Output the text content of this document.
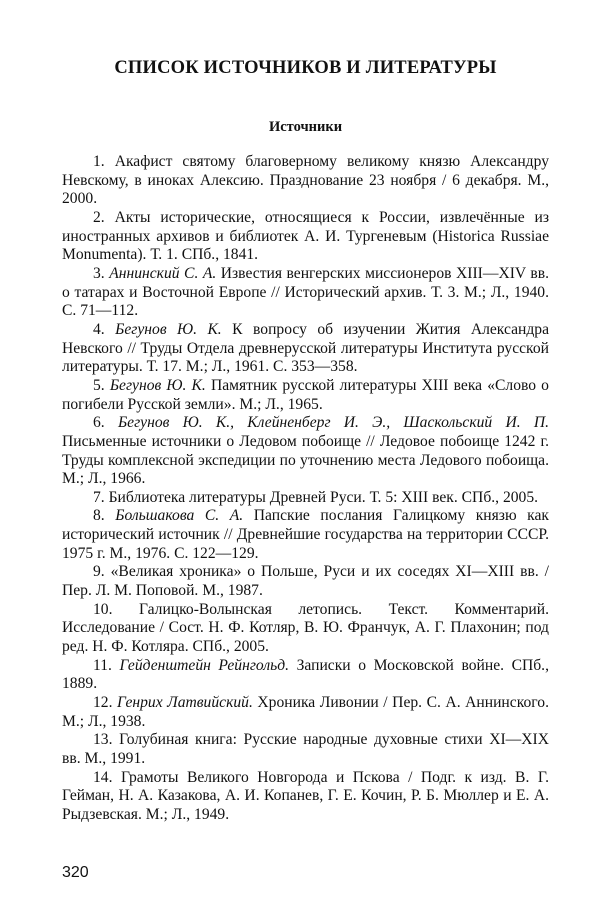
СПИСОК ИСТОЧНИКОВ И ЛИТЕРАТУРЫ
Источники

1. Акафист святому благоверному великому князю Александру Невскому, в иноках Алексию. Празднование 23 ноября / 6 декабря. М., 2000.

2. Акты исторические, относящиеся к России, извлечённые из иностранных архивов и библиотек А. И. Тургеневым (Historica Russiae Monumenta). Т. 1. СПб., 1841.

3. Аннинский С. А. Известия венгерских миссионеров XIII—XIV вв. о татарах и Восточной Европе // Исторический архив. Т. 3. М.; Л., 1940. С. 71—112.

4. Бегунов Ю. К. К вопросу об изучении Жития Александра Невского // Труды Отдела древнерусской литературы Института русской литературы. Т. 17. М.; Л., 1961. С. 353—358.

5. Бегунов Ю. К. Памятник русской литературы XIII века «Слово о погибели Русской земли». М.; Л., 1965.

6. Бегунов Ю. К., Клейненберг И. Э., Шаскольский И. П. Письменные источники о Ледовом побоище // Ледовое побоище 1242 г. Труды комплексной экспедиции по уточнению места Ледового побоища. М.; Л., 1966.

7. Библиотека литературы Древней Руси. Т. 5: XIII век. СПб., 2005.

8. Большакова С. А. Папские послания Галицкому князю как исторический источник // Древнейшие государства на территории СССР. 1975 г. М., 1976. С. 122—129.

9. «Великая хроника» о Польше, Руси и их соседях XI—XIII вв. / Пер. Л. М. Поповой. М., 1987.

10. Галицко-Волынская летопись. Текст. Комментарий. Исследование / Сост. Н. Ф. Котляр, В. Ю. Франчук, А. Г. Плахонин; под ред. Н. Ф. Котляра. СПб., 2005.

11. Гейденштейн Рейнгольд. Записки о Московской войне. СПб., 1889.

12. Генрих Латвийский. Хроника Ливонии / Пер. С. А. Аннинского. М.; Л., 1938.

13. Голубиная книга: Русские народные духовные стихи XI—XIX вв. М., 1991.

14. Грамоты Великого Новгорода и Пскова / Подг. к изд. В. Г. Гейман, Н. А. Казакова, А. И. Копанев, Г. Е. Кочин, Р. Б. Мюллер и Е. А. Рыдзевская. М.; Л., 1949.

320
